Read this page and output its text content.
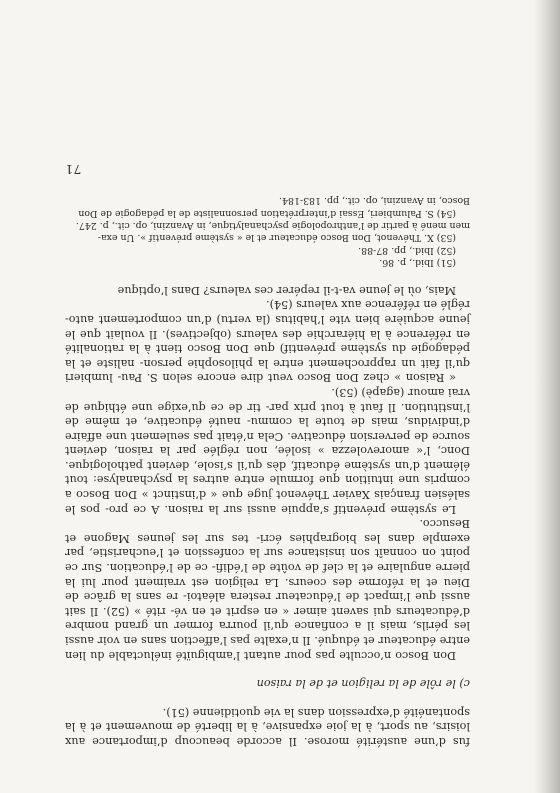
fus d’une austérité morose. Il accorde beaucoup d’importance aux loisirs, au sport, à la joie expansive, à la liberté de mouvement et à la spontanéité d’expression dans la vie quotidienne (51).

c) le rôle de la religion et de la raison

Don Bosco n’occulte pas pour autant l’ambiguïté inéluctable du lien entre éducateur et éduqué. Il n’exalte pas l’affection sans en voir aussi les périls, mais il a confiance qu’il pourra former un grand nombre d’éducateurs qui savent aimer « en esprit et en vé- rité » (52). Il sait aussi que l’impact de l’éducateur restera aléatoi- re sans la grâce de Dieu et la réforme des coeurs. La religion est vraiment pour lui la pierre angulaire et la clef de voûte de l’édifi- ce de l’éducation. Sur ce point on connaît son insistance sur la confession et l’eucharistie, par exemple dans les biographies écri- tes sur les jeunes Magone et Besucco.

Le système préventif s’appuie aussi sur la raison. A ce pro- pos le salésien français Xavier Thévenot juge que « d’instinct » Don Bosco a compris une intuition que formule entre autres la psychanalyse: tout élément d’un système éducatif, dès qu’il s’isole, devient pathologique. Donc, l’« amorevolezza » isolée, non réglée par la raison, devient source de perversion éducative. Cela n’était pas seulement une affaire d’individus, mais de toute la commu- nauté éducative, et même de l’institution. Il faut à tout prix par- tir de ce qu’exige une éthique de vrai amour (agapè) (53).

« Raison » chez Don Bosco veut dire encore selon S. Pau- lumbieri qu’il fait un rapprochement entre la philosophie person- naliste et la pédagogie du système préventif) que Don Bosco tient à la rationalité en référence à la hiérarchie des valeurs (objectives). Il voulait que le jeune acquière bien vite l’habitus (la vertu) d’un comportement auto-réglé en référence aux valeurs (54).

Mais, où le jeune va-t-il repérer ces valeurs? Dans l’optique

(51) Ibid., p. 86.
(52) Ibid., pp. 87-88.
(53) X. Thévenot, Don Bosco éducateur et le « système préventif ». Un exa-
men mené à partir de l’anthropologie psychanalytique, in Avanzini, op. cit., p. 247.
(54) S. Palumbieri, Essai d’interprétation personnaliste de la pédagogie de Don
Bosco, in Avanzini, op. cit., pp. 183-184.
71
